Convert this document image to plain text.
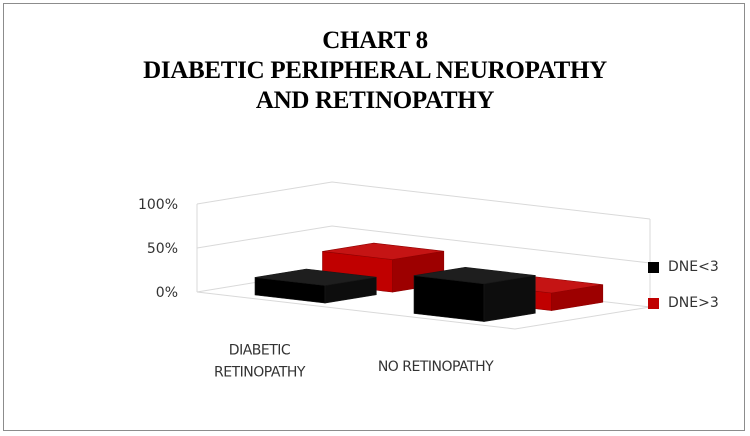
CHART 8
DIABETIC PERIPHERAL NEUROPATHY
AND RETINOPATHY
100%
50%
0%
DIABETIC
RETINOPATHY	NO RETINOPATHY
DNE<3
DNE>3
